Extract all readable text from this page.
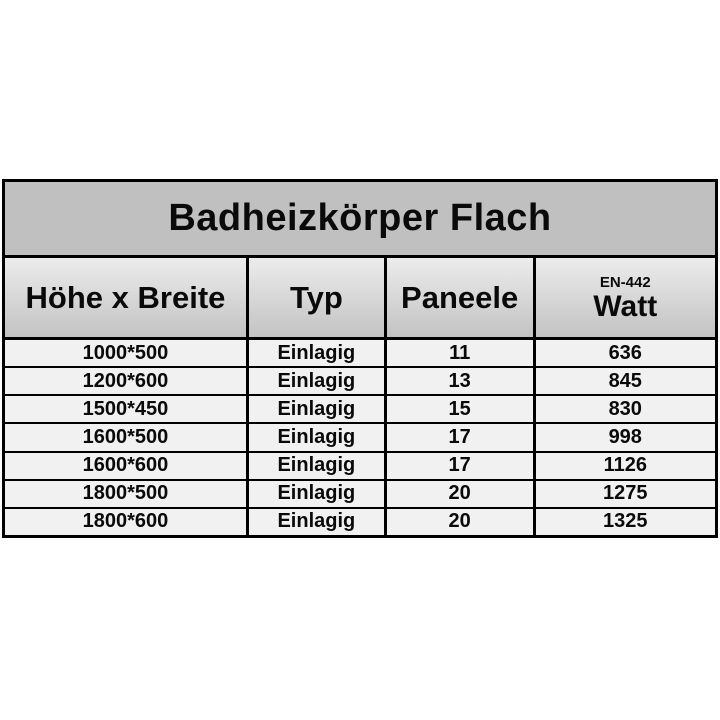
Badheizkörper Flach
Höhe x Breite	Typ	Paneele	EN-442
Watt
1000*500	Einlagig	11	636
1200*600	Einlagig	13	845
1500*450	Einlagig	15	830
1600*500	Einlagig	17	998
1600*600	Einlagig	17	1126
1800*500	Einlagig	20	1275
1800*600	Einlagig	20	1325
